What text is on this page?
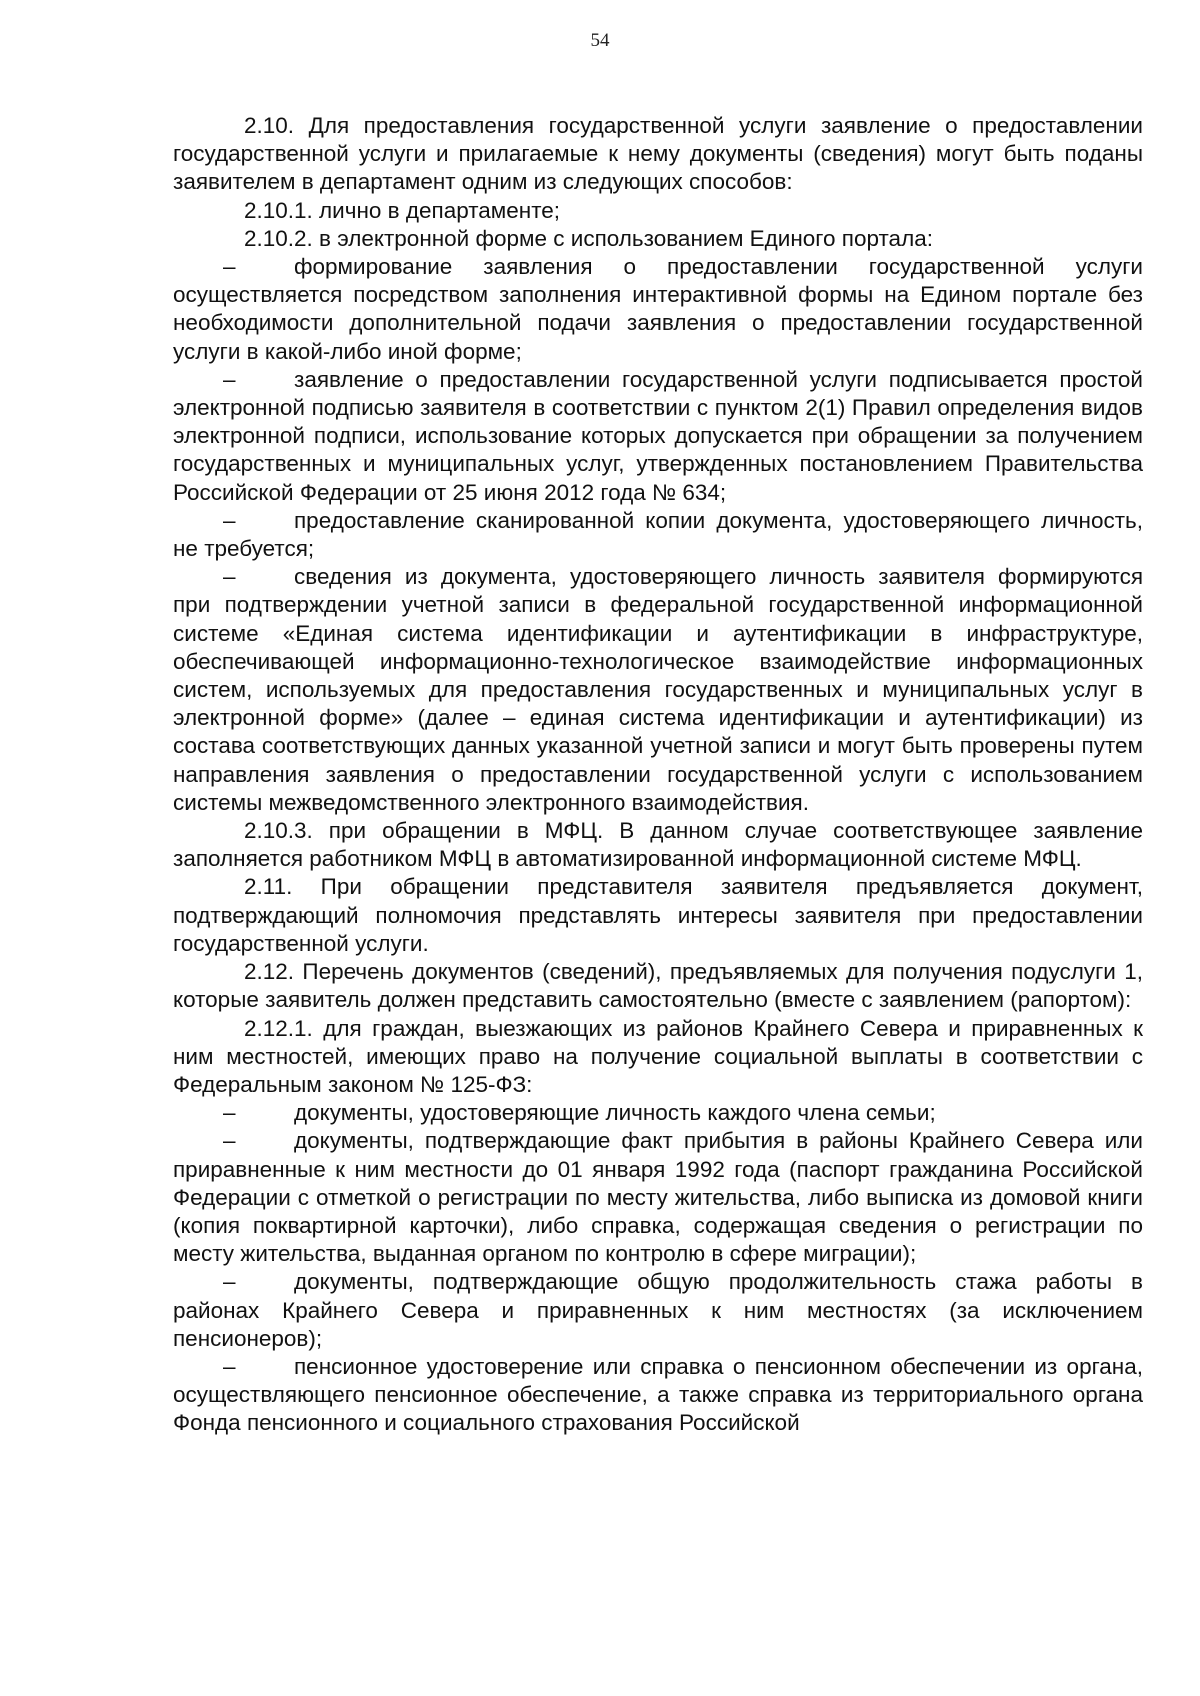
54

2.10. Для предоставления государственной услуги заявление о предоставлении государственной услуги и прилагаемые к нему документы (сведения) могут быть поданы заявителем в департамент одним из следующих способов:

2.10.1. лично в департаменте;

2.10.2. в электронной форме с использованием Единого портала:

–	формирование заявления о предоставлении государственной услуги осуществляется посредством заполнения интерактивной формы на Едином портале без необходимости дополнительной подачи заявления о предоставлении государственной услуги в какой-либо иной форме;

–	заявление о предоставлении государственной услуги подписывается простой электронной подписью заявителя в соответствии с пунктом 2(1) Правил определения видов электронной подписи, использование которых допускается при обращении за получением государственных и муниципальных услуг, утвержденных постановлением Правительства Российской Федерации от 25 июня 2012 года № 634;

–	предоставление сканированной копии документа, удостоверяющего личность, не требуется;

–	сведения из документа, удостоверяющего личность заявителя формируются при подтверждении учетной записи в федеральной государственной информационной системе «Единая система идентификации и аутентификации в инфраструктуре, обеспечивающей информационно-технологическое взаимодействие информационных систем, используемых для предоставления государственных и муниципальных услуг в электронной форме» (далее – единая система идентификации и аутентификации) из состава соответствующих данных указанной учетной записи и могут быть проверены путем направления заявления о предоставлении государственной услуги с использованием системы межведомственного электронного взаимодействия.

2.10.3. при обращении в МФЦ. В данном случае соответствующее заявление заполняется работником МФЦ в автоматизированной информационной системе МФЦ.

2.11. При обращении представителя заявителя предъявляется документ, подтверждающий полномочия представлять интересы заявителя при предоставлении государственной услуги.

2.12. Перечень документов (сведений), предъявляемых для получения подуслуги 1, которые заявитель должен представить самостоятельно (вместе с заявлением (рапортом):

2.12.1. для граждан, выезжающих из районов Крайнего Севера и приравненных к ним местностей, имеющих право на получение социальной выплаты в соответствии с Федеральным законом № 125-ФЗ:

–	документы, удостоверяющие личность каждого члена семьи;

–	документы, подтверждающие факт прибытия в районы Крайнего Севера или приравненные к ним местности до 01 января 1992 года (паспорт гражданина Российской Федерации с отметкой о регистрации по месту жительства, либо выписка из домовой книги (копия поквартирной карточки), либо справка, содержащая сведения о регистрации по месту жительства, выданная органом по контролю в сфере миграции);

–	документы, подтверждающие общую продолжительность стажа работы в районах Крайнего Севера и приравненных к ним местностях (за исключением пенсионеров);

–	пенсионное удостоверение или справка о пенсионном обеспечении из органа, осуществляющего пенсионное обеспечение, а также справка из территориального органа Фонда пенсионного и социального страхования Российской
